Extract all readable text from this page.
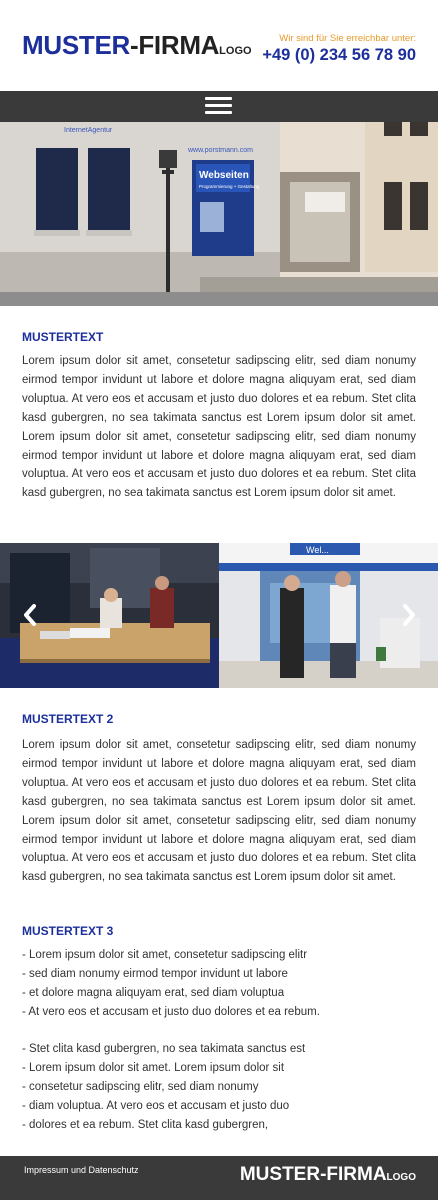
MUSTER-FIRMALOGO
Wir sind für Sie erreichbar unter:
+49 (0) 234 56 78 90
InternetAgentur
www.porstmann.com
Webseiten
Programmierung + Gestaltung
MUSTERTEXT
Lorem ipsum dolor sit amet, consetetur sadipscing elitr, sed diam nonumy eirmod tempor invidunt ut labore et dolore magna aliquyam erat, sed diam voluptua. At vero eos et accusam et justo duo dolores et ea rebum. Stet clita kasd gubergren, no sea takimata sanctus est Lorem ipsum dolor sit amet. Lorem ipsum dolor sit amet, consetetur sadipscing elitr, sed diam nonumy eirmod tempor invidunt ut labore et dolore magna aliquyam erat, sed diam voluptua. At vero eos et accusam et justo duo dolores et ea rebum. Stet clita kasd gubergren, no sea takimata sanctus est Lorem ipsum dolor sit amet.
Wel...
MUSTERTEXT 2
Lorem ipsum dolor sit amet, consetetur sadipscing elitr, sed diam nonumy eirmod tempor invidunt ut labore et dolore magna aliquyam erat, sed diam voluptua. At vero eos et accusam et justo duo dolores et ea rebum. Stet clita kasd gubergren, no sea takimata sanctus est Lorem ipsum dolor sit amet. Lorem ipsum dolor sit amet, consetetur sadipscing elitr, sed diam nonumy eirmod tempor invidunt ut labore et dolore magna aliquyam erat, sed diam voluptua. At vero eos et accusam et justo duo dolores et ea rebum. Stet clita kasd gubergren, no sea takimata sanctus est Lorem ipsum dolor sit amet.
MUSTERTEXT 3
- Lorem ipsum dolor sit amet, consetetur sadipscing elitr
- sed diam nonumy eirmod tempor invidunt ut labore
- et dolore magna aliquyam erat, sed diam voluptua
- At vero eos et accusam et justo duo dolores et ea rebum.
- Stet clita kasd gubergren, no sea takimata sanctus est
- Lorem ipsum dolor sit amet. Lorem ipsum dolor sit
- consetetur sadipscing elitr, sed diam nonumy
- diam voluptua. At vero eos et accusam et justo duo
- dolores et ea rebum. Stet clita kasd gubergren,
Impressum und Datenschutz	MUSTER-FIRMALOGO
